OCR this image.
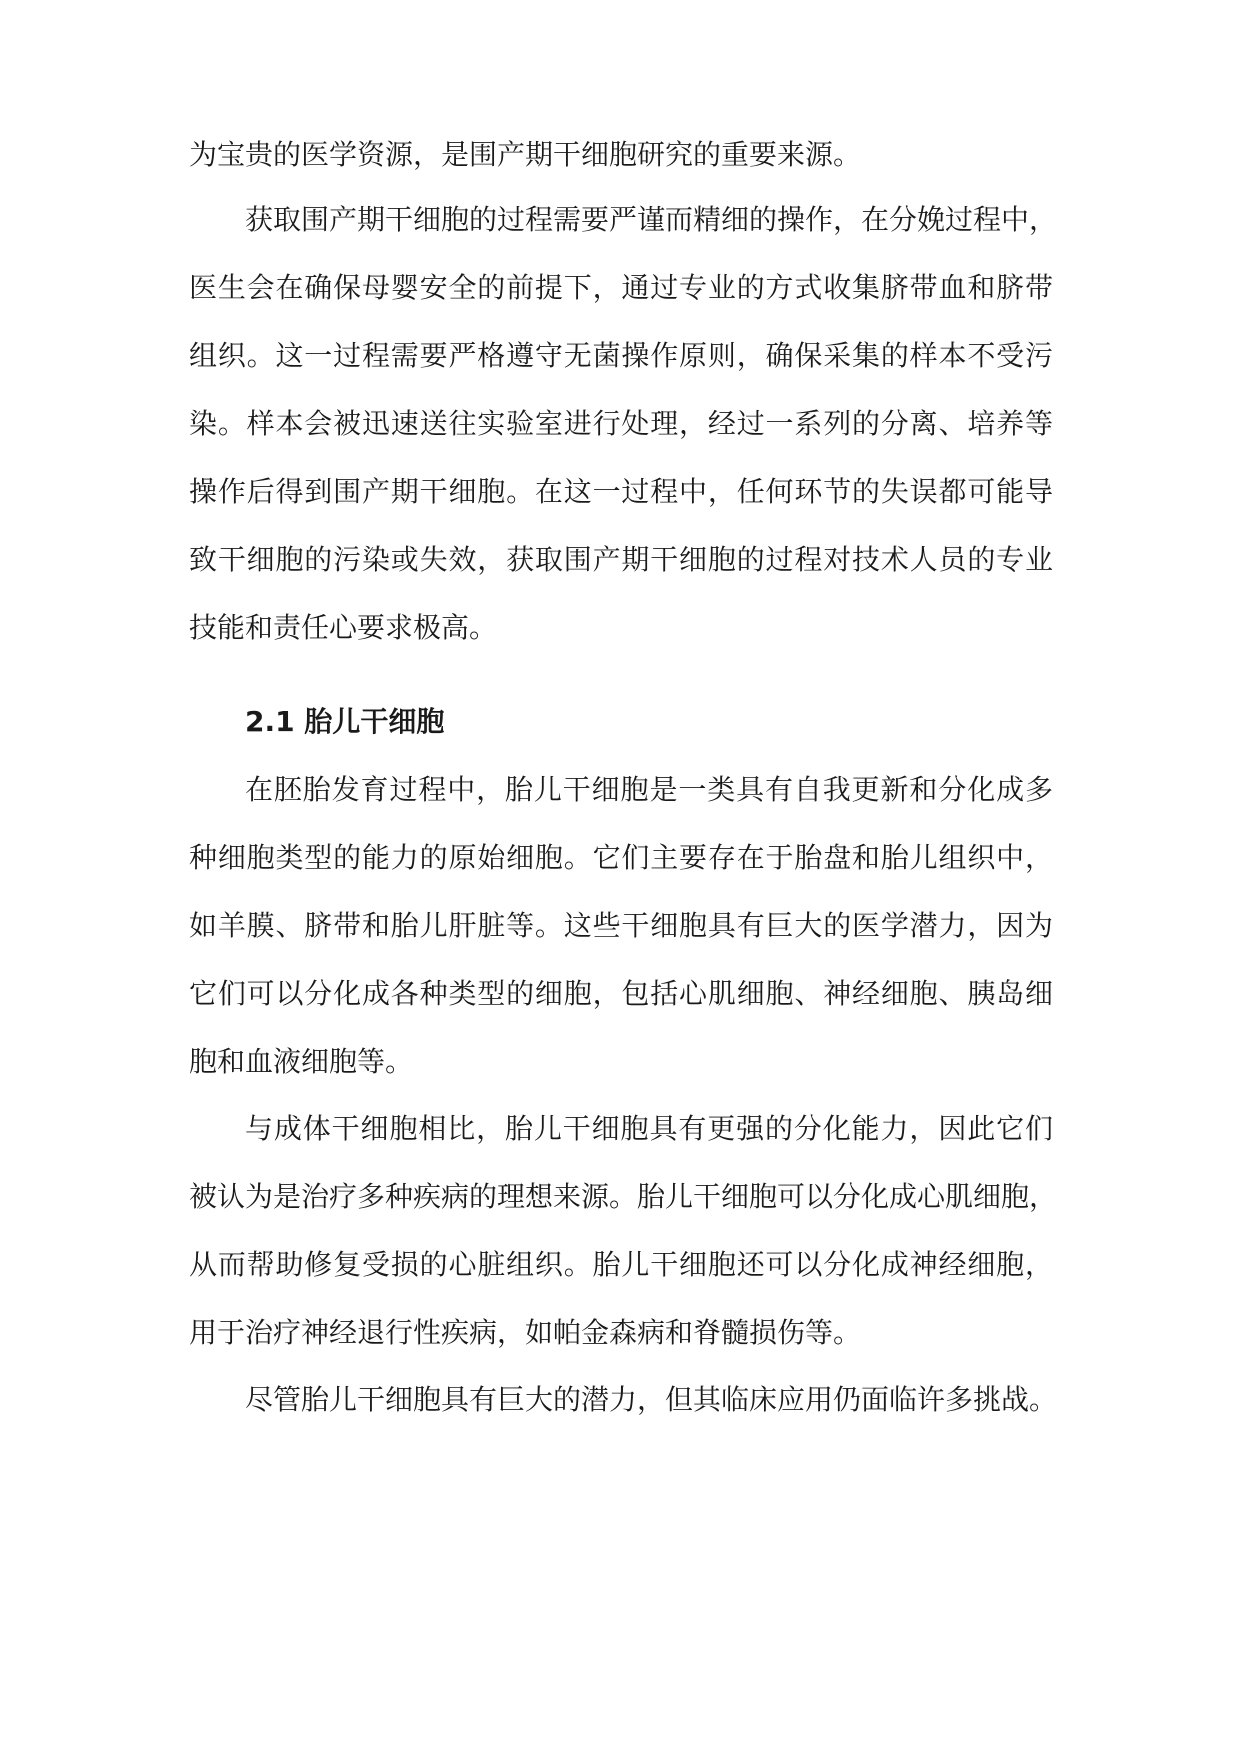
为宝贵的医学资源，是围产期干细胞研究的重要来源。
获取围产期干细胞的过程需要严谨而精细的操作，在分娩过程中，
医生会在确保母婴安全的前提下，通过专业的方式收集脐带血和脐带
组织。这一过程需要严格遵守无菌操作原则，确保采集的样本不受污
染。样本会被迅速送往实验室进行处理，经过一系列的分离、培养等
操作后得到围产期干细胞。在这一过程中，任何环节的失误都可能导
致干细胞的污染或失效，获取围产期干细胞的过程对技术人员的专业
技能和责任心要求极高。
2.1 胎儿干细胞
在胚胎发育过程中，胎儿干细胞是一类具有自我更新和分化成多
种细胞类型的能力的原始细胞。它们主要存在于胎盘和胎儿组织中，
如羊膜、脐带和胎儿肝脏等。这些干细胞具有巨大的医学潜力，因为
它们可以分化成各种类型的细胞，包括心肌细胞、神经细胞、胰岛细
胞和血液细胞等。
与成体干细胞相比，胎儿干细胞具有更强的分化能力，因此它们
被认为是治疗多种疾病的理想来源。胎儿干细胞可以分化成心肌细胞，
从而帮助修复受损的心脏组织。胎儿干细胞还可以分化成神经细胞，
用于治疗神经退行性疾病，如帕金森病和脊髓损伤等。
尽管胎儿干细胞具有巨大的潜力，但其临床应用仍面临许多挑战。
